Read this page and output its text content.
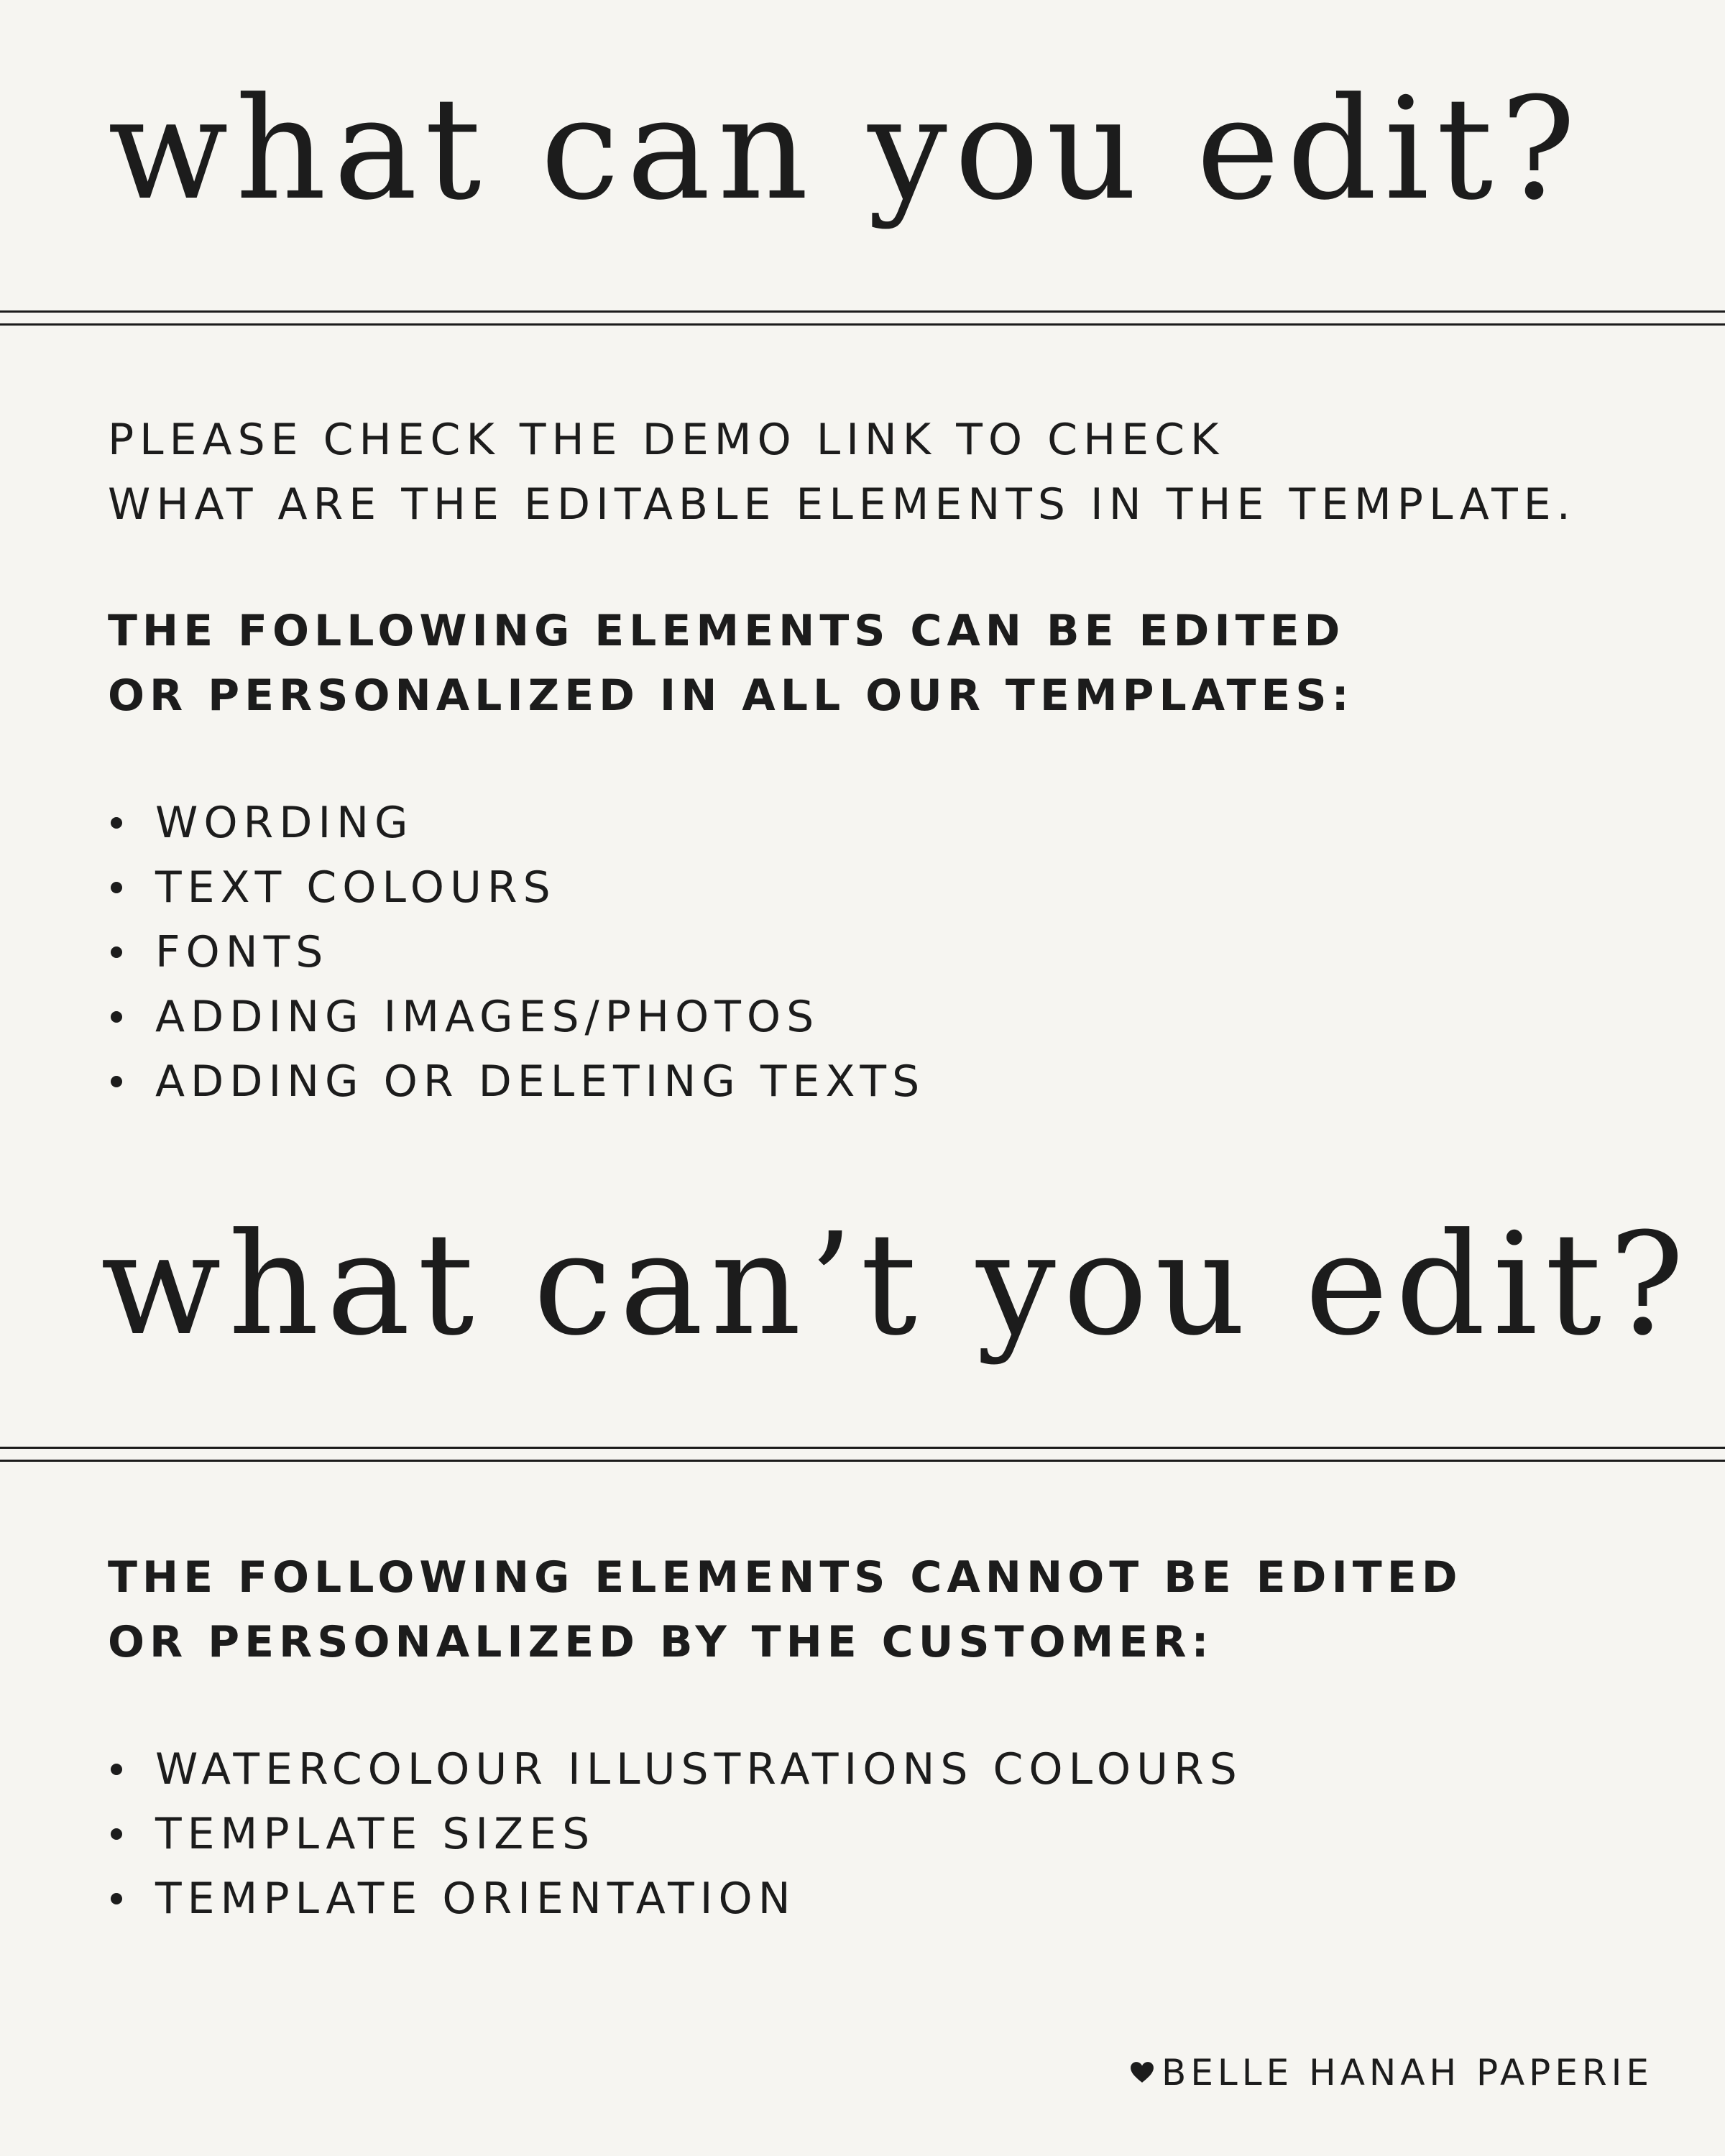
what can you edit?

PLEASE CHECK THE DEMO LINK TO CHECK
WHAT ARE THE EDITABLE ELEMENTS IN THE TEMPLATE.

THE FOLLOWING ELEMENTS CAN BE EDITED
OR PERSONALIZED IN ALL OUR TEMPLATES:

WORDING
TEXT COLOURS
FONTS
ADDING IMAGES/PHOTOS
ADDING OR DELETING TEXTS
what can’t you edit?

THE FOLLOWING ELEMENTS CANNOT BE EDITED
OR PERSONALIZED BY THE CUSTOMER:

WATERCOLOUR ILLUSTRATIONS COLOURS
TEMPLATE SIZES
TEMPLATE ORIENTATION
BELLE HANAH PAPERIE
